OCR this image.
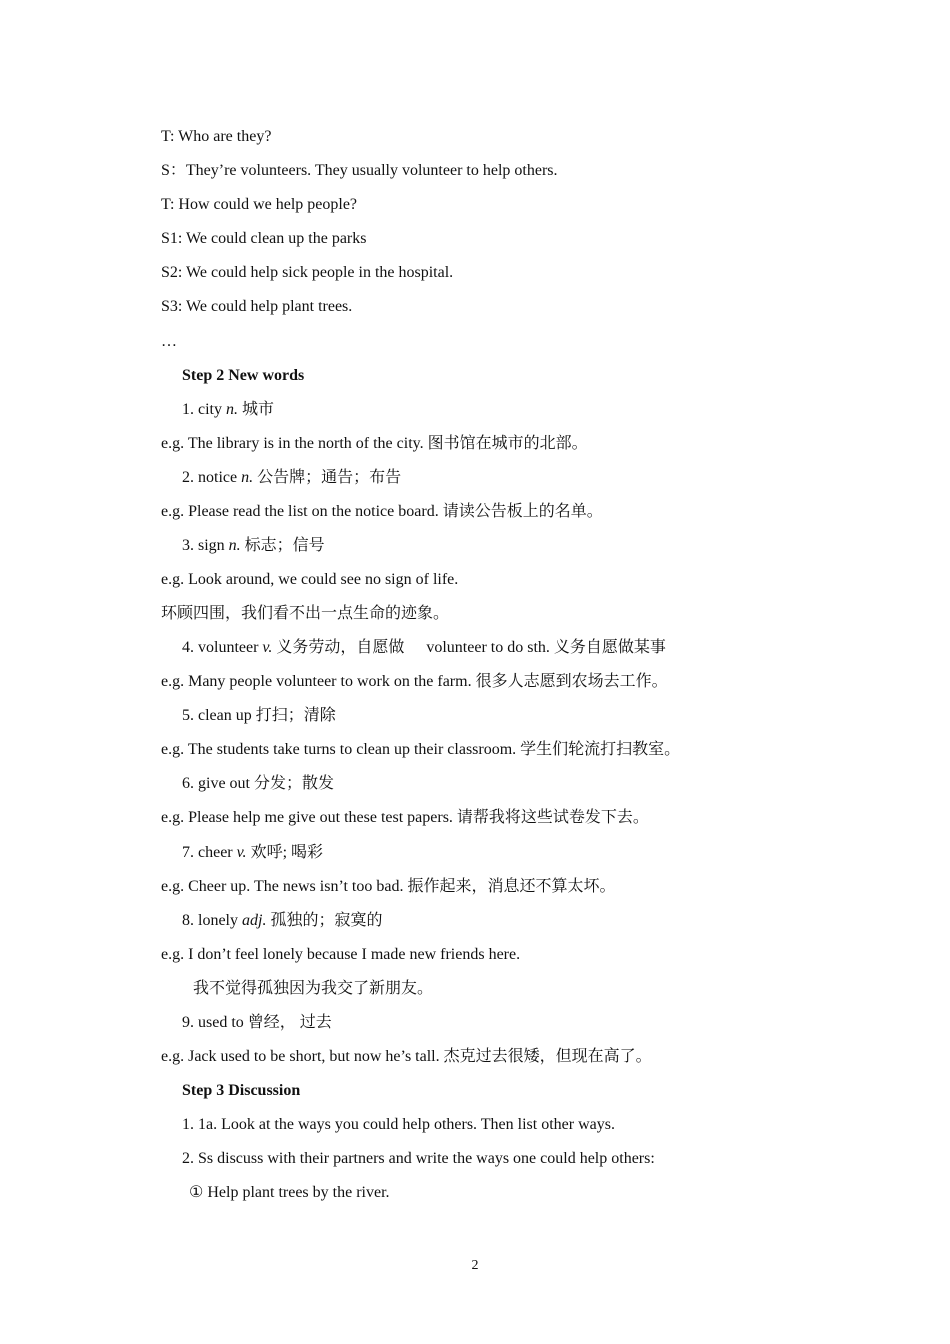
T: Who are they?
S：They’re volunteers. They usually volunteer to help others.
T: How could we help people?
S1: We could clean up the parks
S2: We could help sick people in the hospital.
S3: We could help plant trees.
…
Step 2 New words
1. city n. 城市
e.g. The library is in the north of the city. 图书馆在城市的北部。
2. notice n. 公告牌；通告；布告
e.g. Please read the list on the notice board. 请读公告板上的名单。
3. sign n. 标志；信号
e.g. Look around, we could see no sign of life.
环顾四围，我们看不出一点生命的迹象。
4. volunteer v. 义务劳动，自愿做 volunteer to do sth. 义务自愿做某事
e.g. Many people volunteer to work on the farm. 很多人志愿到农场去工作。
5. clean up 打扫；清除
e.g. The students take turns to clean up their classroom. 学生们轮流打扫教室。
6. give out 分发；散发
e.g. Please help me give out these test papers. 请帮我将这些试卷发下去。
7. cheer v. 欢呼; 喝彩
e.g. Cheer up. The news isn’t too bad. 振作起来，消息还不算太坏。
8. lonely adj. 孤独的；寂寞的
e.g. I don’t feel lonely because I made new friends here.
我不觉得孤独因为我交了新朋友。
9. used to 曾经， 过去
e.g. Jack used to be short, but now he’s tall. 杰克过去很矮，但现在高了。
Step 3 Discussion
1. 1a. Look at the ways you could help others. Then list other ways.
2. Ss discuss with their partners and write the ways one could help others:
① Help plant trees by the river.
2
